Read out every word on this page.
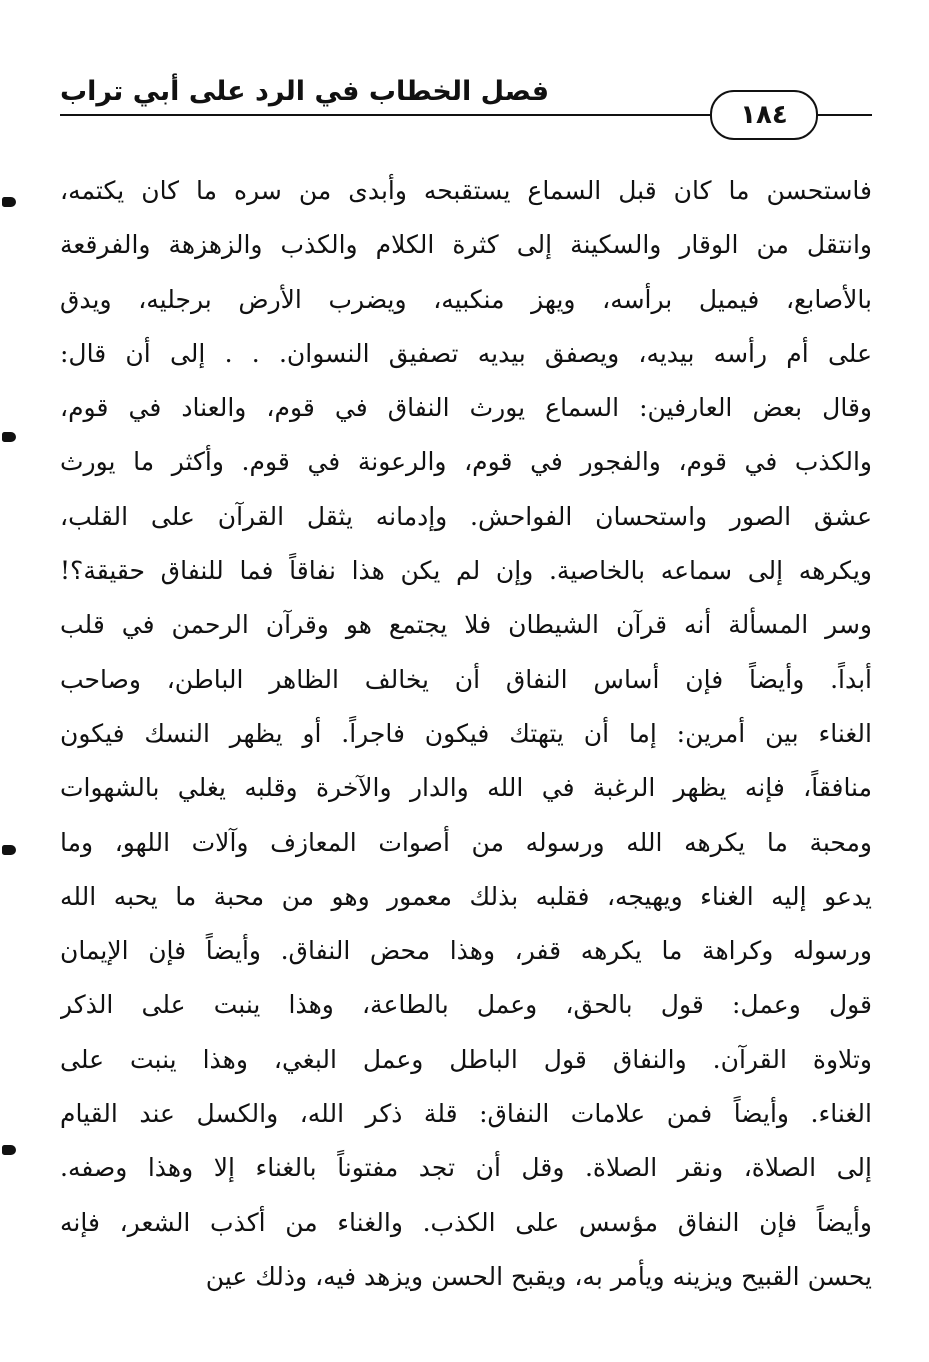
فصل الخطاب في الرد على أبي تراب
١٨٤
فاستحسن ما كان قبل السماع يستقبحه وأبدى من سره ما كان يكتمه،
وانتقل من الوقار والسكينة إلى كثرة الكلام والكذب والزهزهة والفرقعة
بالأصابع، فيميل برأسه، ويهز منكبيه، ويضرب الأرض برجليه، ويدق
على أم رأسه بيديه، ويصفق بيديه تصفيق النسوان. . . إلى أن قال:
وقال بعض العارفين: السماع يورث النفاق في قوم، والعناد في قوم،
والكذب في قوم، والفجور في قوم، والرعونة في قوم. وأكثر ما يورث
عشق الصور واستحسان الفواحش. وإدمانه يثقل القرآن على القلب،
ويكرهه إلى سماعه بالخاصية. وإن لم يكن هذا نفاقاً فما للنفاق حقيقة؟!
وسر المسألة أنه قرآن الشيطان فلا يجتمع هو وقرآن الرحمن في قلب
أبداً. وأيضاً فإن أساس النفاق أن يخالف الظاهر الباطن، وصاحب
الغناء بين أمرين: إما أن يتهتك فيكون فاجراً. أو يظهر النسك فيكون
منافقاً، فإنه يظهر الرغبة في الله والدار والآخرة وقلبه يغلي بالشهوات
ومحبة ما يكرهه الله ورسوله من أصوات المعازف وآلات اللهو، وما
يدعو إليه الغناء ويهيجه، فقلبه بذلك معمور وهو من محبة ما يحبه الله
ورسوله وكراهة ما يكرهه قفر، وهذا محض النفاق. وأيضاً فإن الإيمان
قول وعمل: قول بالحق، وعمل بالطاعة، وهذا ينبت على الذكر
وتلاوة القرآن. والنفاق قول الباطل وعمل البغي، وهذا ينبت على
الغناء. وأيضاً فمن علامات النفاق: قلة ذكر الله، والكسل عند القيام
إلى الصلاة، ونقر الصلاة. وقل أن تجد مفتوناً بالغناء إلا وهذا وصفه.
وأيضاً فإن النفاق مؤسس على الكذب. والغناء من أكذب الشعر، فإنه
يحسن القبيح ويزينه ويأمر به، ويقبح الحسن ويزهد فيه، وذلك عين
